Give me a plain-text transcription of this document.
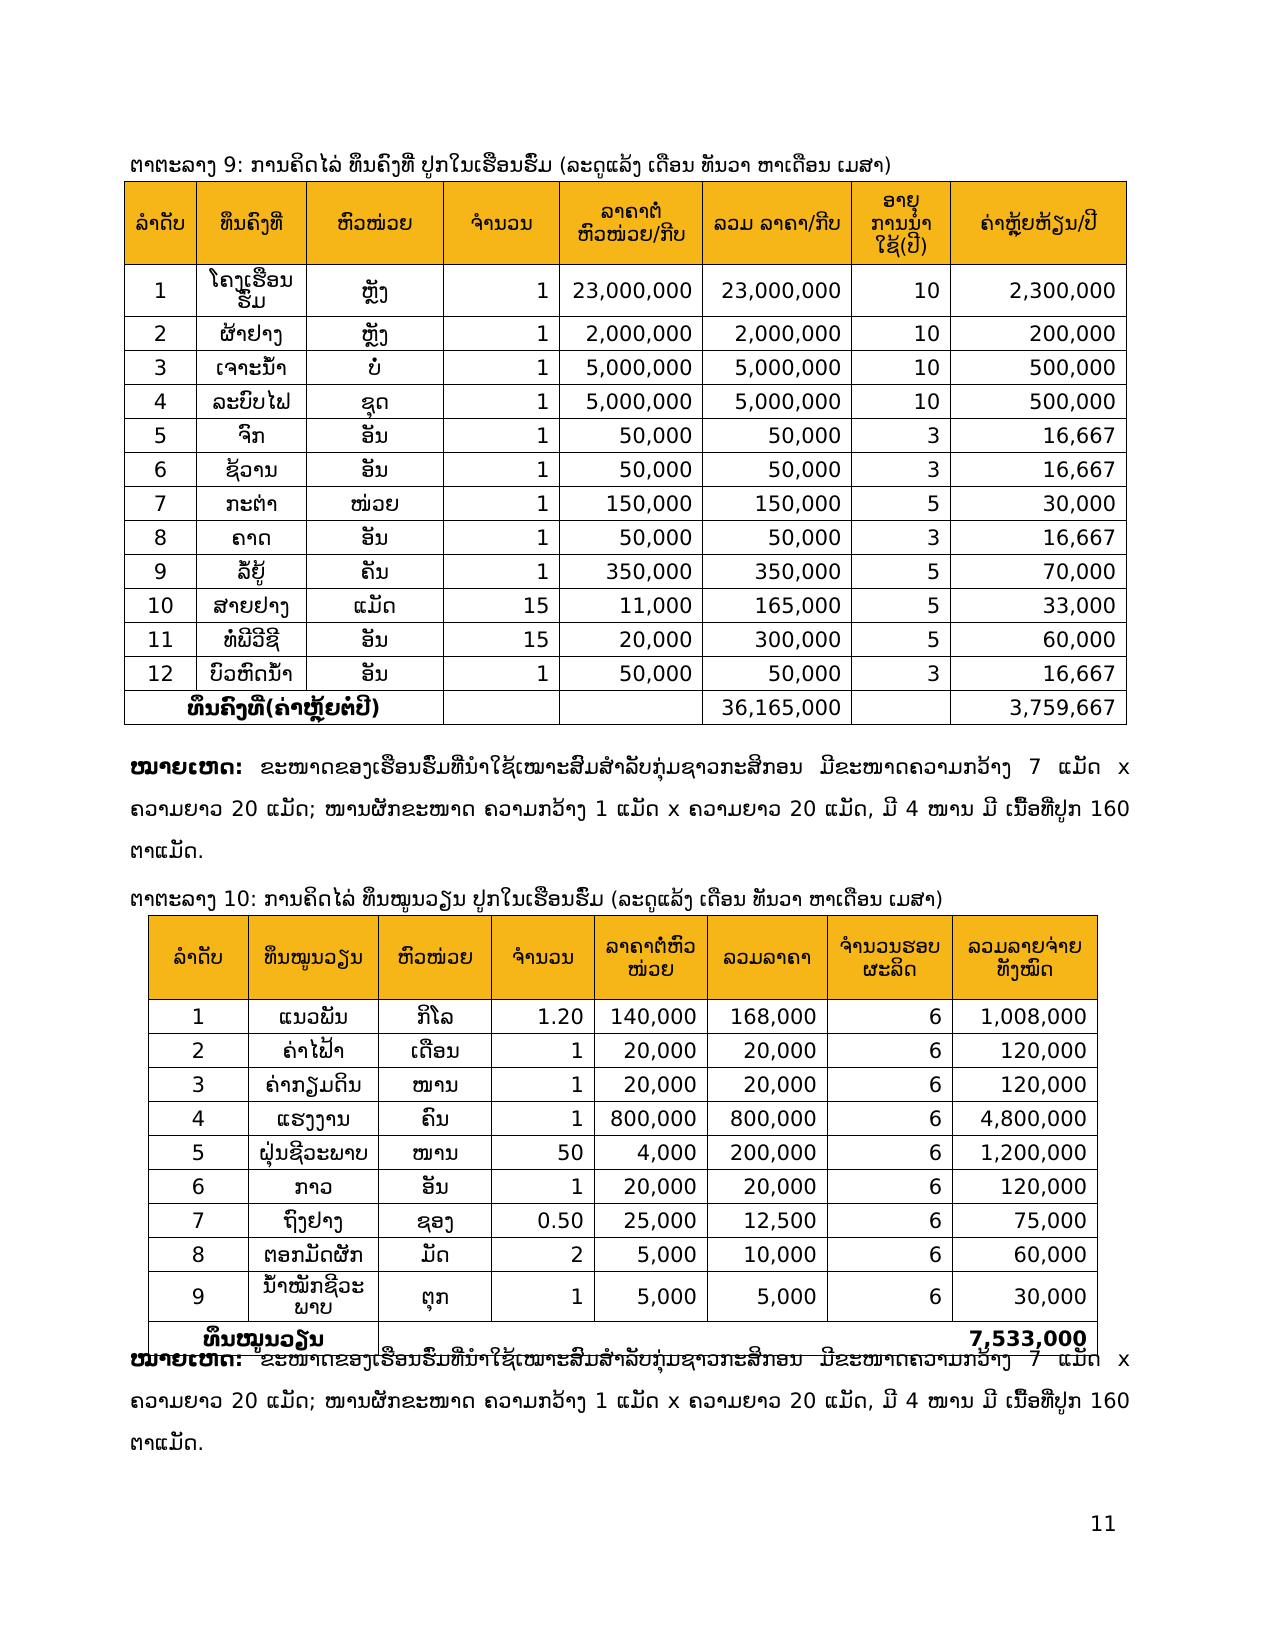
ຕາຕະລາງ 9: ການຄິດໄລ່ ທຶນຄົງທີ່ ປູກໃນເຮືອນຮົ່ມ (ລະດູແລ້ງ ເດືອນ ທັນວາ ຫາເດືອນ ເມສາ)
ລຳດັບ	ທຶນຄົງທີ່	ຫົວໜ່ວຍ	ຈຳນວນ	ລາຄາຕໍ່ ຫົວໜ່ວຍ/ກີບ	ລວມ ລາຄາ/ກີບ	ອາຍຸ ການນຳ ໃຊ້(ປີ)	ຄ່າຫຼຸ້ຍຫ້ຽນ/ປີ
1	ໂຄງເຮືອນ ຮົ່ມ	ຫຼັງ	1	23,000,000	23,000,000	10	2,300,000
2	ຜ້າຢາງ	ຫຼັງ	1	2,000,000	2,000,000	10	200,000
3	ເຈາະນ້ຳ	ບໍ່	1	5,000,000	5,000,000	10	500,000
4	ລະບົບໄຟ	ຊຸດ	1	5,000,000	5,000,000	10	500,000
5	ຈົກ	ອັນ	1	50,000	50,000	3	16,667
6	ຊ້ວານ	ອັນ	1	50,000	50,000	3	16,667
7	ກະຕ່າ	ໜ່ວຍ	1	150,000	150,000	5	30,000
8	ຄາດ	ອັນ	1	50,000	50,000	3	16,667
9	ລໍ້ຍູ້	ຄັນ	1	350,000	350,000	5	70,000
10	ສາຍຢາງ	ແມັດ	15	11,000	165,000	5	33,000
11	ທໍ່ພີວີຊີ	ອັນ	15	20,000	300,000	5	60,000
12	ບົວຫົດນ້ຳ	ອັນ	1	50,000	50,000	3	16,667
ທຶນຄົງທີ່(ຄ່າຫຼຸ້ຍຕໍ່ປີ)					36,165,000		3,759,667
ໝາຍເຫດ: ຂະໜາດຂອງເຮືອນຮົ່ມທີ່ນຳໃຊ້ເໝາະສົມສຳລັບກຸ່ມຊາວກະສິກອນ ມີຂະໜາດຄວາມກວ້າງ 7 ແມັດ x ຄວາມຍາວ 20 ແມັດ; ໜານຜັກຂະໜາດ ຄວາມກວ້າງ 1 ແມັດ x ຄວາມຍາວ 20 ແມັດ, ມີ 4 ໜານ ມີ ເນື້ອທີ່ປູກ 160 ຕາແມັດ.
ຕາຕະລາງ 10: ການຄິດໄລ່ ທຶນໝູນວຽນ ປູກໃນເຮືອນຮົ່ມ (ລະດູແລ້ງ ເດືອນ ທັນວາ ຫາເດືອນ ເມສາ)
ລຳດັບ	ທຶນໝູນວຽນ	ຫົວໜ່ວຍ	ຈຳນວນ	ລາຄາຕໍ່ຫົວ ໜ່ວຍ	ລວມລາຄາ	ຈຳນວນຮອບ ຜະລິດ	ລວມລາຍຈ່າຍ ທັງໝົດ
1	ແນວພັນ	ກິໂລ	1.20	140,000	168,000	6	1,008,000
2	ຄ່າໄຟ້າ	ເດືອນ	1	20,000	20,000	6	120,000
3	ຄ່າກຽມດິນ	ໜານ	1	20,000	20,000	6	120,000
4	ແຮງງານ	ຄົນ	1	800,000	800,000	6	4,800,000
5	ຝຸ່ນຊີວະພາບ	ໜານ	50	4,000	200,000	6	1,200,000
6	ກາວ	ອັນ	1	20,000	20,000	6	120,000
7	ຖົງຢາງ	ຊອງ	0.50	25,000	12,500	6	75,000
8	ຕອກມັດຜັກ	ມັດ	2	5,000	10,000	6	60,000
9	ນ້ຳໝັກຊີວະ ພາບ	ຕຸກ	1	5,000	5,000	6	30,000
ທຶນໝູນວຽນ		7,533,000					
ໝາຍເຫດ: ຂະໜາດຂອງເຮືອນຮົ່ມທີ່ນຳໃຊ້ເໝາະສົມສຳລັບກຸ່ມຊາວກະສິກອນ ມີຂະໜາດຄວາມກວ້າງ 7 ແມັດ x ຄວາມຍາວ 20 ແມັດ; ໜານຜັກຂະໜາດ ຄວາມກວ້າງ 1 ແມັດ x ຄວາມຍາວ 20 ແມັດ, ມີ 4 ໜານ ມີ ເນື້ອທີ່ປູກ 160 ຕາແມັດ.
11
